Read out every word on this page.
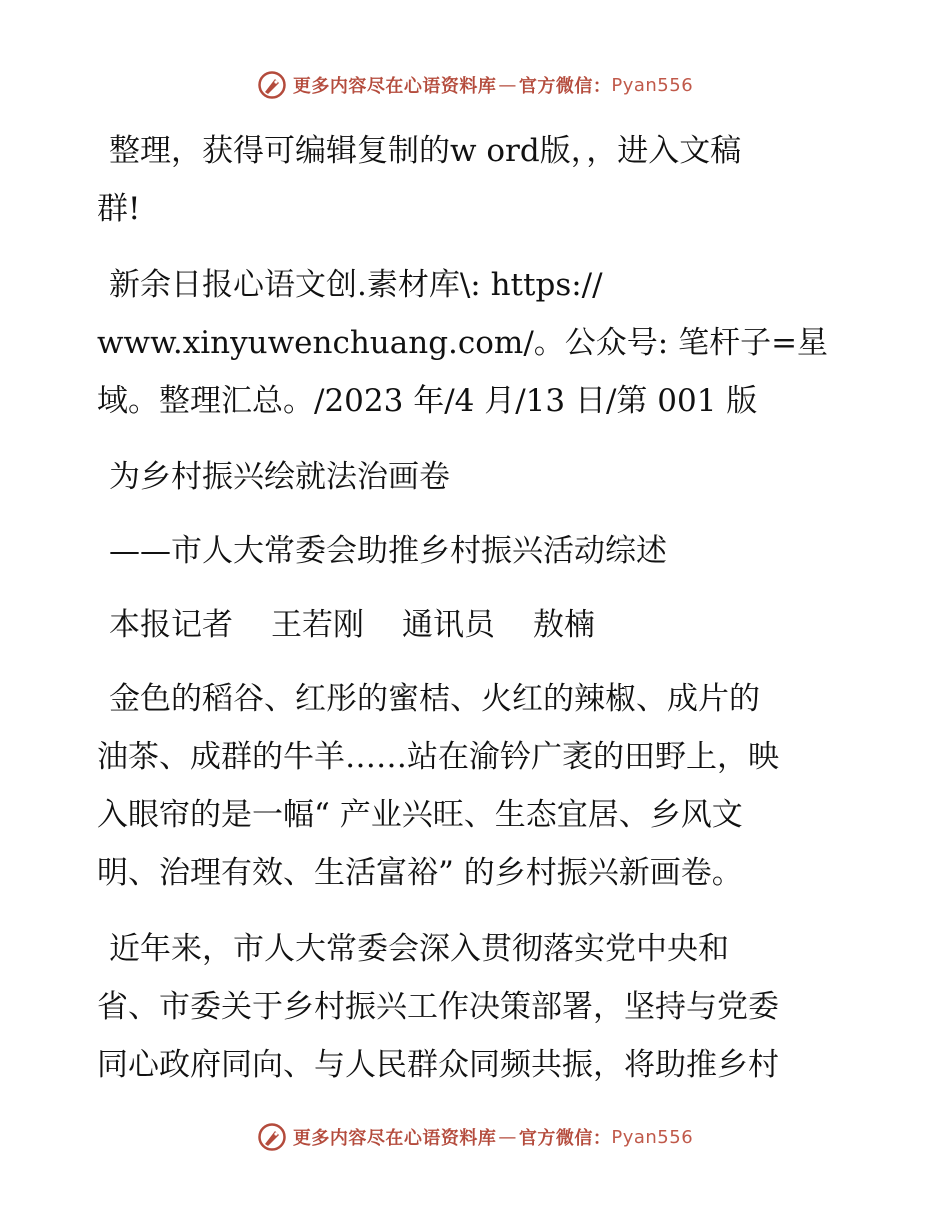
更多内容尽在心语资料库 — 官方微信： Pyan556
整理，获得可编辑复制的w ord版，，进入文稿
群!
新余日报心语文创.素材库\: https://
www.xinyuwenchuang.com/。公众号: 笔杆子=星
域。整理汇总。/2023 年/4 月/13 日/第 001 版
为乡村振兴绘就法治画卷
——市人大常委会助推乡村振兴活动综述
本报记者 王若刚 通讯员 敖楠
金色的稻谷、红彤的蜜桔、火红的辣椒、成片的
油茶、成群的牛羊……站在渝钤广袤的田野上，映
入眼帘的是一幅“ 产业兴旺、生态宜居、乡风文
明、治理有效、生活富裕” 的乡村振兴新画卷。
近年来，市人大常委会深入贯彻落实党中央和
省、市委关于乡村振兴工作决策部署，坚持与党委
同心政府同向、与人民群众同频共振，将助推乡村
更多内容尽在心语资料库 — 官方微信： Pyan556
